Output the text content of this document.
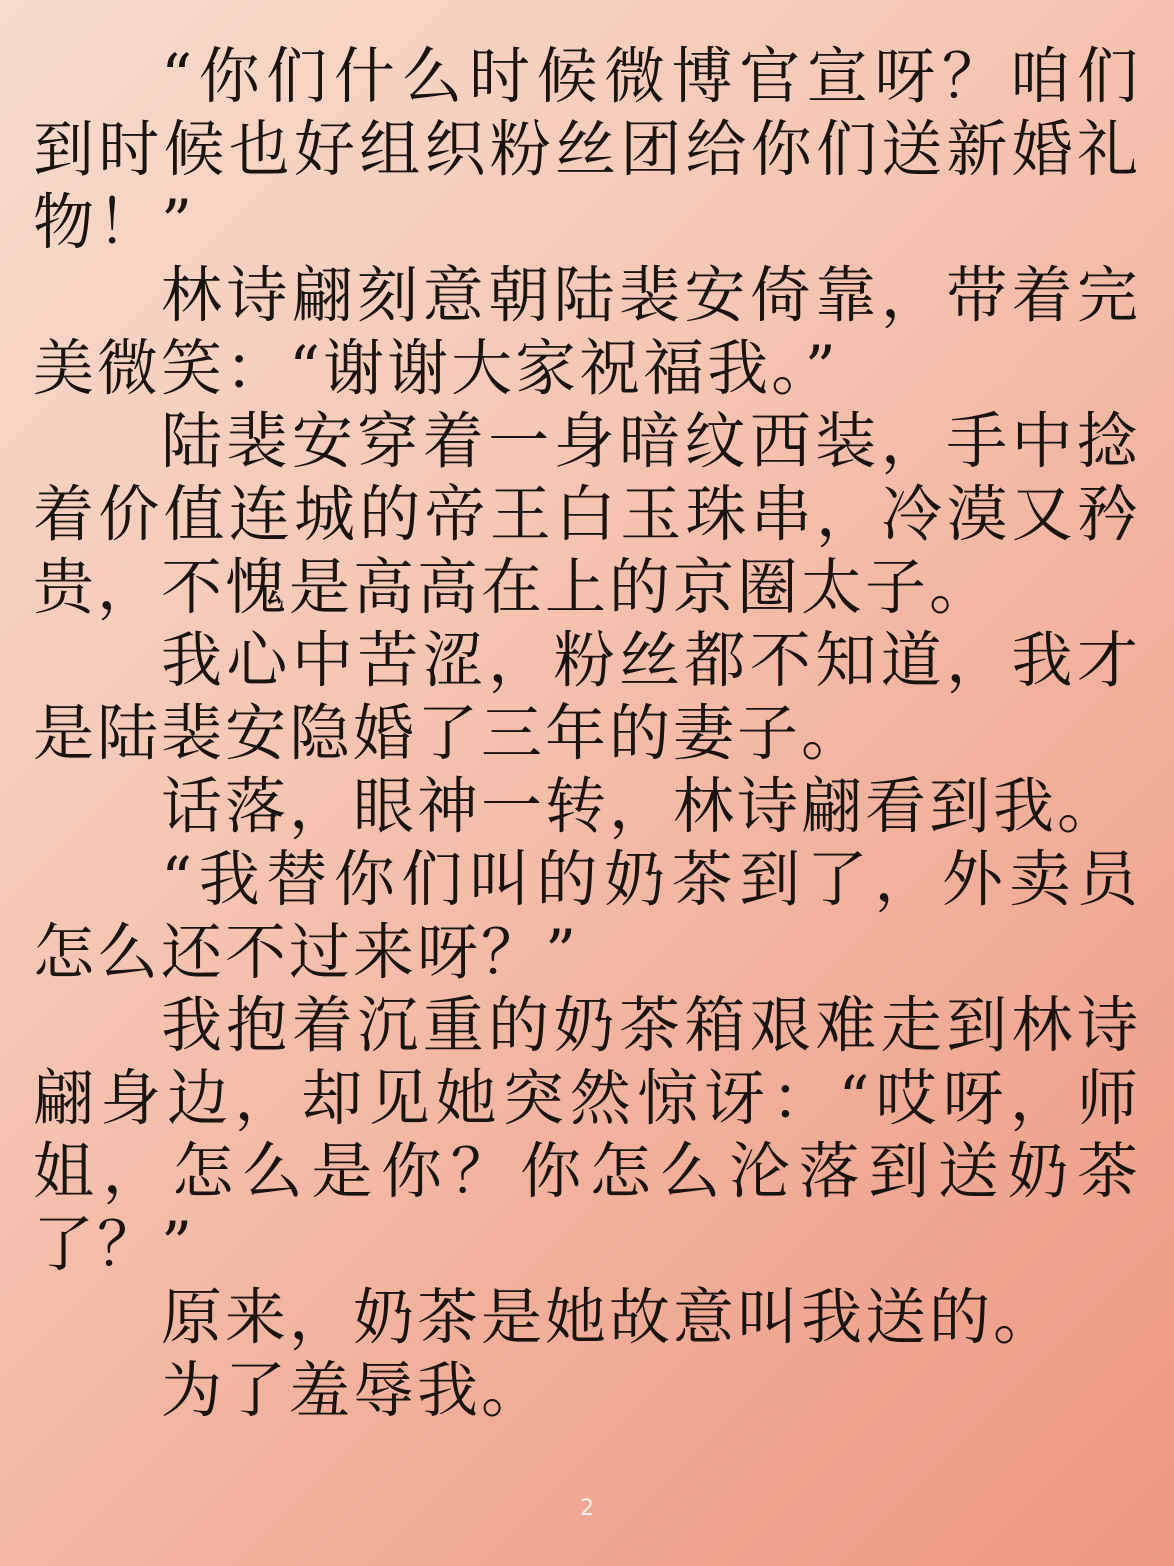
“你们什么时候微博官宣呀？咱们到时候也好组织粉丝团给你们送新婚礼物！”

林诗翩刻意朝陆裴安倚靠，带着完美微笑：“谢谢大家祝福我。”

陆裴安穿着一身暗纹西装，手中捻着价值连城的帝王白玉珠串，冷漠又矜贵，不愧是高高在上的京圈太子。

我心中苦涩，粉丝都不知道，我才是陆裴安隐婚了三年的妻子。

话落，眼神一转，林诗翩看到我。

“我替你们叫的奶茶到了，外卖员怎么还不过来呀？”

我抱着沉重的奶茶箱艰难走到林诗翩身边，却见她突然惊讶：“哎呀，师姐，怎么是你？你怎么沦落到送奶茶了？”

原来，奶茶是她故意叫我送的。

为了羞辱我。

2
